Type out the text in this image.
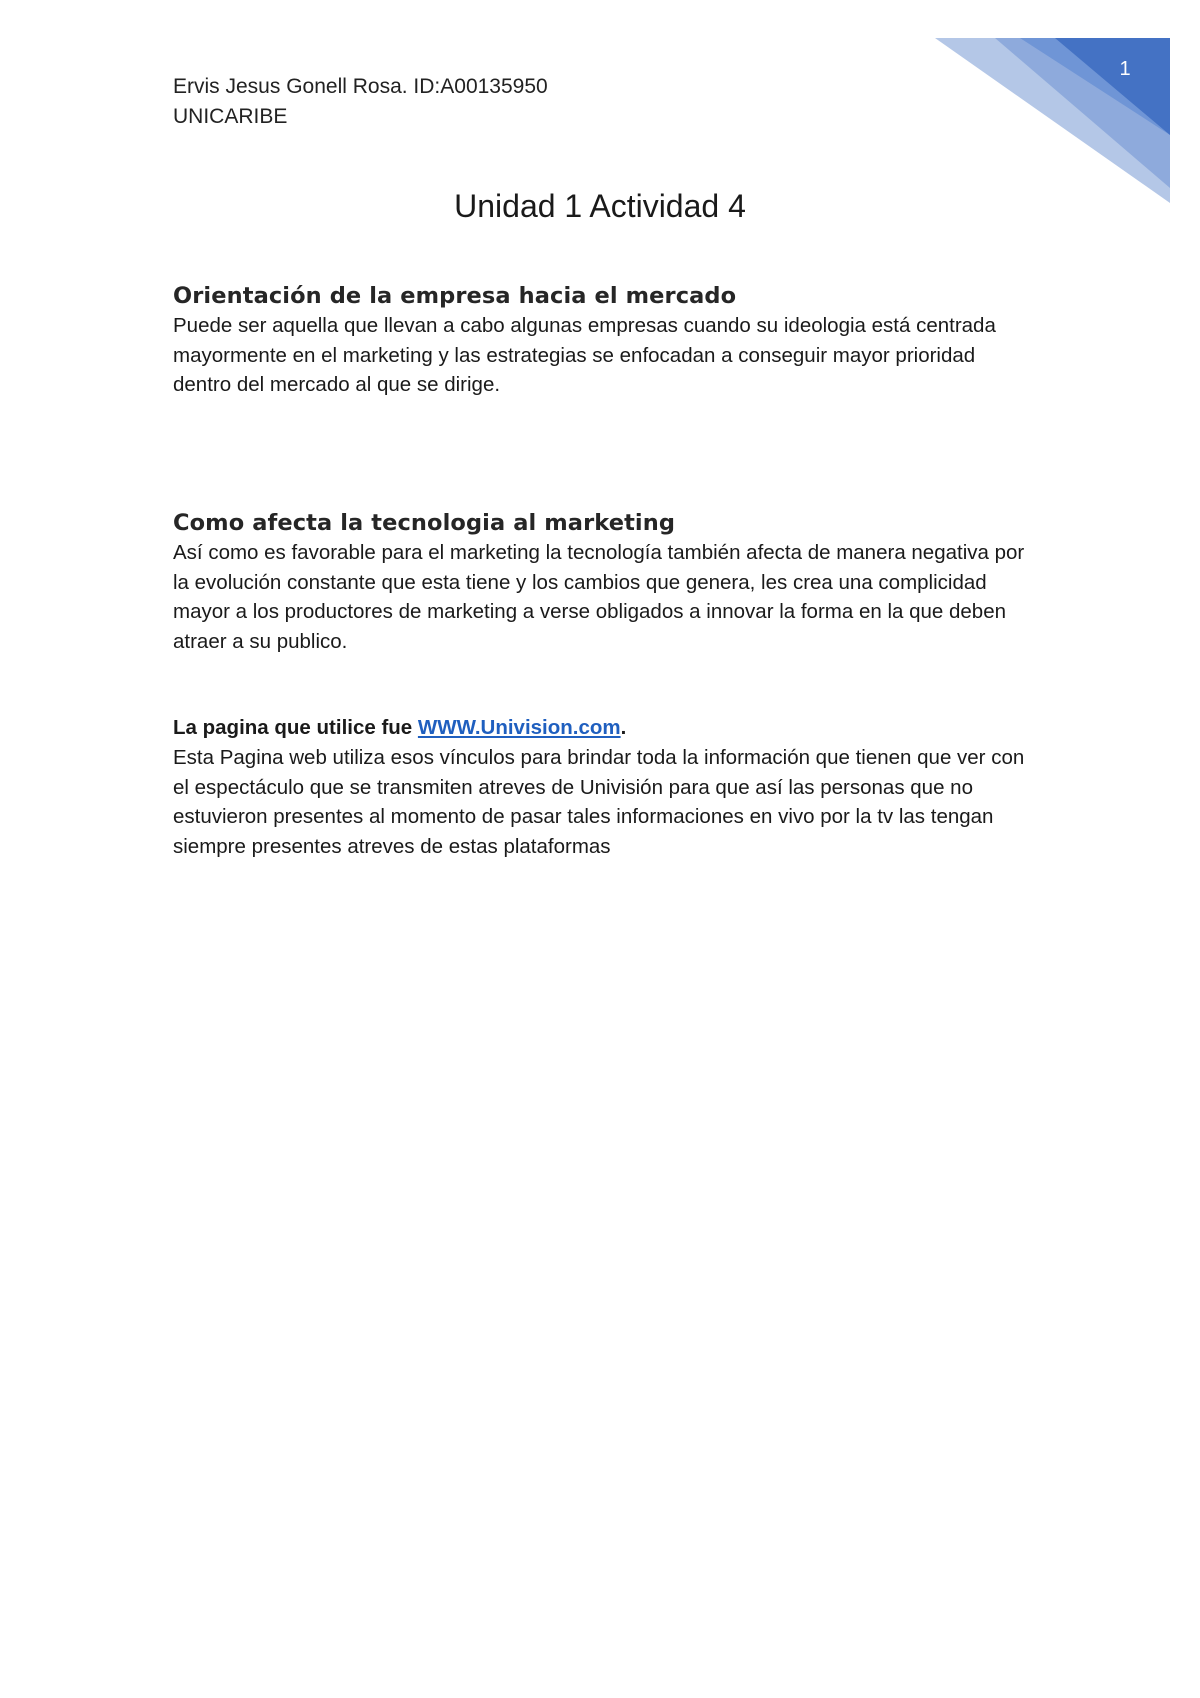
1
Ervis Jesus Gonell Rosa. ID:A00135950
UNICARIBE
Unidad 1 Actividad 4
Orientación de la empresa hacia el mercado

Puede ser aquella que llevan a cabo algunas empresas cuando su ideologia está centrada mayormente en el marketing y las estrategias se enfocadan a conseguir mayor prioridad dentro del mercado al que se dirige.

Como afecta la tecnologia al marketing

Así como es favorable para el marketing la tecnología también afecta de manera negativa por la evolución constante que esta tiene y los cambios que genera, les crea una complicidad mayor a los productores de marketing a verse obligados a innovar la forma en la que deben atraer a su publico.

La pagina que utilice fue WWW.Univision.com.

Esta Pagina web utiliza esos vínculos para brindar toda la información que tienen que ver con el espectáculo que se transmiten atreves de Univisión para que así las personas que no estuvieron presentes al momento de pasar tales informaciones en vivo por la tv las tengan siempre presentes atreves de estas plataformas
